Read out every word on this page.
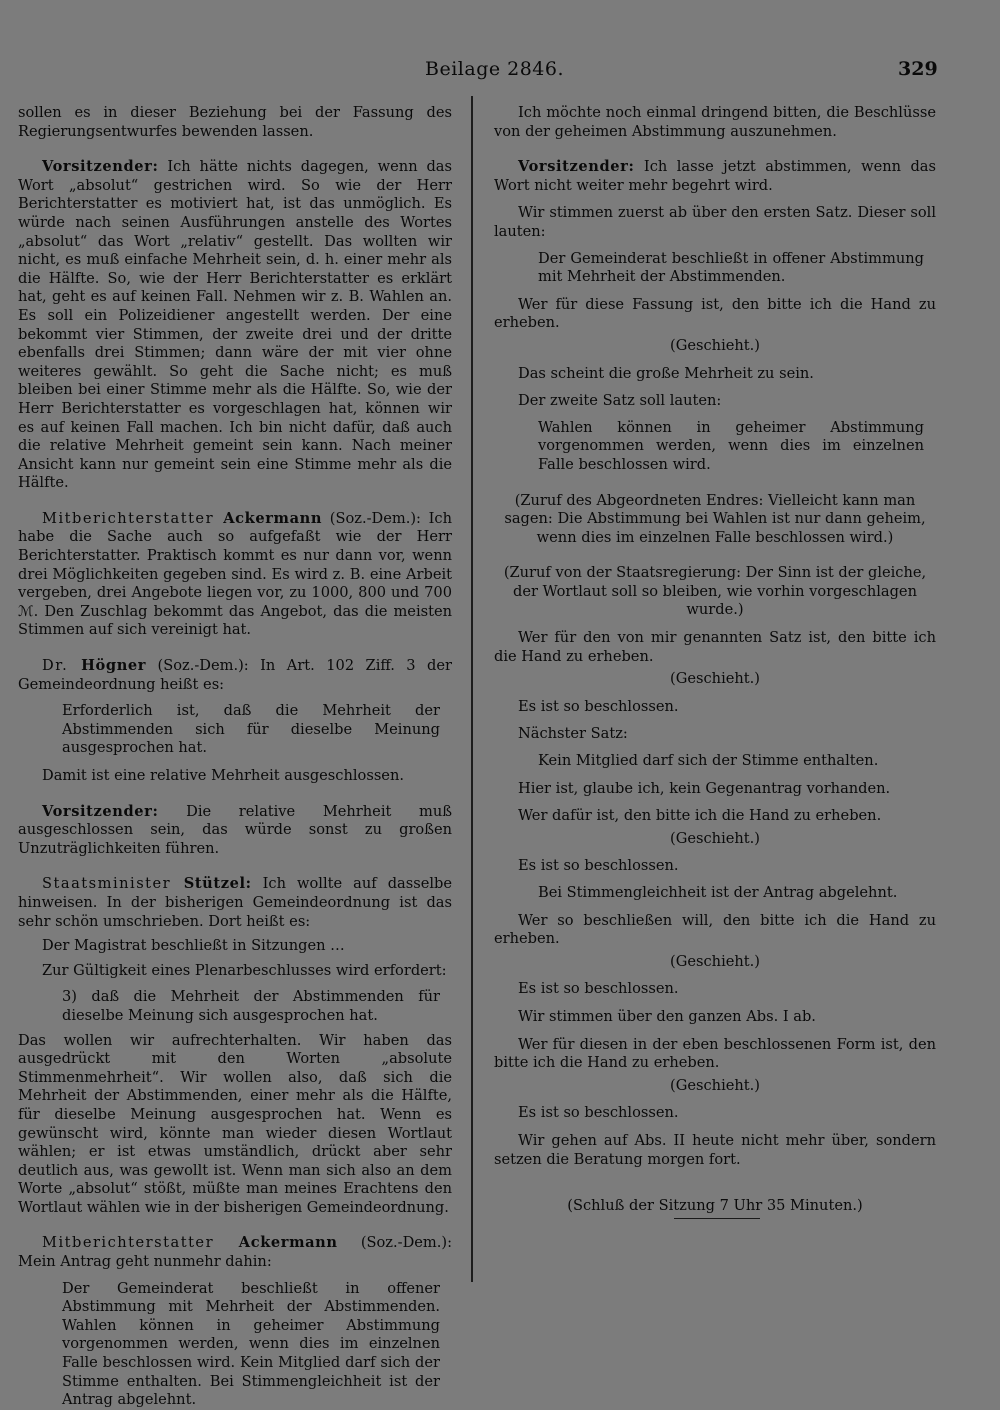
Beilage 2846.	329

sollen es in dieser Beziehung bei der Fassung des Regierungsentwurfes bewenden lassen.

Vorsitzender: Ich hätte nichts dagegen, wenn das Wort „absolut“ gestrichen wird. So wie der Herr Berichterstatter es motiviert hat, ist das unmöglich. Es würde nach seinen Ausführungen anstelle des Wortes „absolut“ das Wort „relativ“ gestellt. Das wollten wir nicht, es muß einfache Mehrheit sein, d. h. einer mehr als die Hälfte. So, wie der Herr Berichterstatter es erklärt hat, geht es auf keinen Fall. Nehmen wir z. B. Wahlen an. Es soll ein Polizeidiener angestellt werden. Der eine bekommt vier Stimmen, der zweite drei und der dritte ebenfalls drei Stimmen; dann wäre der mit vier ohne weiteres gewählt. So geht die Sache nicht; es muß bleiben bei einer Stimme mehr als die Hälfte. So, wie der Herr Berichterstatter es vorgeschlagen hat, können wir es auf keinen Fall machen. Ich bin nicht dafür, daß auch die relative Mehrheit gemeint sein kann. Nach meiner Ansicht kann nur gemeint sein eine Stimme mehr als die Hälfte.

Mitberichterstatter Ackermann (Soz.-Dem.): Ich habe die Sache auch so aufgefaßt wie der Herr Berichterstatter. Praktisch kommt es nur dann vor, wenn drei Möglichkeiten gegeben sind. Es wird z. B. eine Arbeit vergeben, drei Angebote liegen vor, zu 1000, 800 und 700 ℳ. Den Zuschlag bekommt das Angebot, das die meisten Stimmen auf sich vereinigt hat.

Dr. Högner (Soz.-Dem.): In Art. 102 Ziff. 3 der Gemeindeordnung heißt es:

Erforderlich ist, daß die Mehrheit der Abstimmenden sich für dieselbe Meinung ausgesprochen hat.

Damit ist eine relative Mehrheit ausgeschlossen.

Vorsitzender: Die relative Mehrheit muß ausgeschlossen sein, das würde sonst zu großen Unzuträglichkeiten führen.

Staatsminister Stützel: Ich wollte auf dasselbe hinweisen. In der bisherigen Gemeindeordnung ist das sehr schön umschrieben. Dort heißt es:

Der Magistrat beschließt in Sitzungen …

Zur Gültigkeit eines Plenarbeschlusses wird erfordert:

3) daß die Mehrheit der Abstimmenden für dieselbe Meinung sich ausgesprochen hat.

Das wollen wir aufrechterhalten. Wir haben das ausgedrückt mit den Worten „absolute Stimmenmehrheit“. Wir wollen also, daß sich die Mehrheit der Abstimmenden, einer mehr als die Hälfte, für dieselbe Meinung ausgesprochen hat. Wenn es gewünscht wird, könnte man wieder diesen Wortlaut wählen; er ist etwas umständlich, drückt aber sehr deutlich aus, was gewollt ist. Wenn man sich also an dem Worte „absolut“ stößt, müßte man meines Erachtens den Wortlaut wählen wie in der bisherigen Gemeindeordnung.

Mitberichterstatter Ackermann (Soz.-Dem.): Mein Antrag geht nunmehr dahin:

Der Gemeinderat beschließt in offener Abstimmung mit Mehrheit der Abstimmenden. Wahlen können in geheimer Abstimmung vorgenommen werden, wenn dies im einzelnen Falle beschlossen wird. Kein Mitglied darf sich der Stimme enthalten. Bei Stimmengleichheit ist der Antrag abgelehnt.

Ich möchte noch einmal dringend bitten, die Beschlüsse von der geheimen Abstimmung auszunehmen.

Vorsitzender: Ich lasse jetzt abstimmen, wenn das Wort nicht weiter mehr begehrt wird.

Wir stimmen zuerst ab über den ersten Satz. Dieser soll lauten:

Der Gemeinderat beschließt in offener Abstimmung mit Mehrheit der Abstimmenden.

Wer für diese Fassung ist, den bitte ich die Hand zu erheben.

(Geschieht.)

Das scheint die große Mehrheit zu sein.

Der zweite Satz soll lauten:

Wahlen können in geheimer Abstimmung vorgenommen werden, wenn dies im einzelnen Falle beschlossen wird.

(Zuruf des Abgeordneten Endres: Vielleicht kann man sagen: Die Abstimmung bei Wahlen ist nur dann geheim, wenn dies im einzelnen Falle beschlossen wird.)

(Zuruf von der Staatsregierung: Der Sinn ist der gleiche, der Wortlaut soll so bleiben, wie vorhin vorgeschlagen wurde.)

Wer für den von mir genannten Satz ist, den bitte ich die Hand zu erheben.

(Geschieht.)

Es ist so beschlossen.

Nächster Satz:

Kein Mitglied darf sich der Stimme enthalten.

Hier ist, glaube ich, kein Gegenantrag vorhanden.

Wer dafür ist, den bitte ich die Hand zu erheben.

(Geschieht.)

Es ist so beschlossen.

Bei Stimmengleichheit ist der Antrag abgelehnt.

Wer so beschließen will, den bitte ich die Hand zu erheben.

(Geschieht.)

Es ist so beschlossen.

Wir stimmen über den ganzen Abs. I ab.

Wer für diesen in der eben beschlossenen Form ist, den bitte ich die Hand zu erheben.

(Geschieht.)

Es ist so beschlossen.

Wir gehen auf Abs. II heute nicht mehr über, sondern setzen die Beratung morgen fort.

(Schluß der Sitzung 7 Uhr 35 Minuten.)
